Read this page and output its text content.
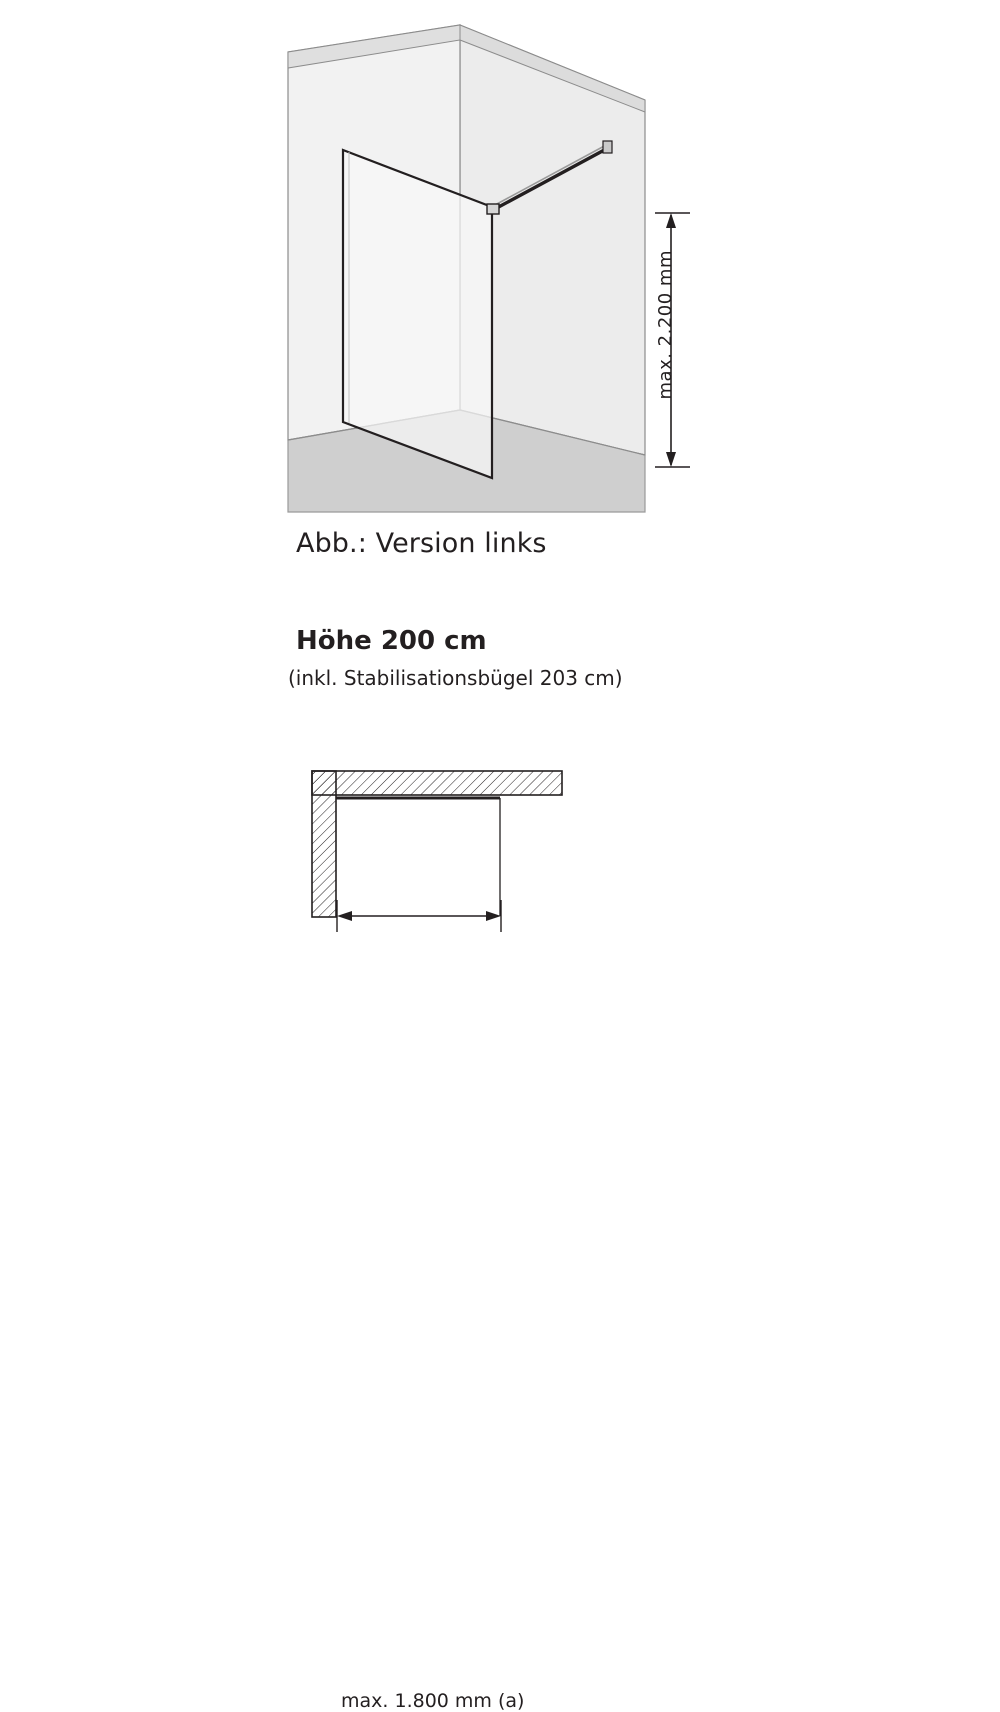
max. 2.200 mm
Abb.: Version links
Höhe 200 cm
(inkl. Stabilisationsbügel 203 cm)
max. 1.800 mm (a)
